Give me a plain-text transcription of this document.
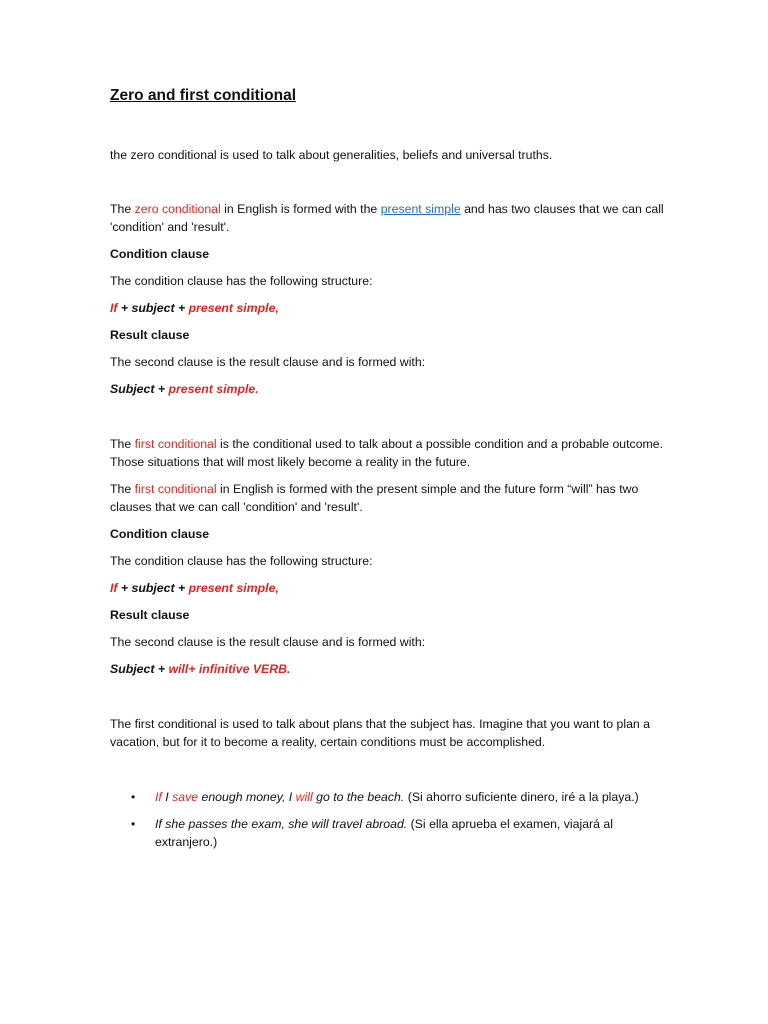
Zero and first conditional

the zero conditional is used to talk about generalities, beliefs and universal truths.

The zero conditional in English is formed with the present simple and has two clauses that we can call 'condition' and 'result'.

Condition clause

The condition clause has the following structure:

If + subject + present simple,

Result clause

The second clause is the result clause and is formed with:

Subject + present simple.

The first conditional is the conditional used to talk about a possible condition and a probable outcome. Those situations that will most likely become a reality in the future.

The first conditional in English is formed with the present simple and the future form “will” has two clauses that we can call 'condition' and 'result'.

Condition clause

The condition clause has the following structure:

If + subject + present simple,

Result clause

The second clause is the result clause and is formed with:

Subject + will+ infinitive VERB.

The first conditional is used to talk about plans that the subject has. Imagine that you want to plan a vacation, but for it to become a reality, certain conditions must be accomplished.

• If I save enough money, I will go to the beach. (Si ahorro suficiente dinero, iré a la playa.)
• If she passes the exam, she will travel abroad. (Si ella aprueba el examen, viajará al extranjero.)
